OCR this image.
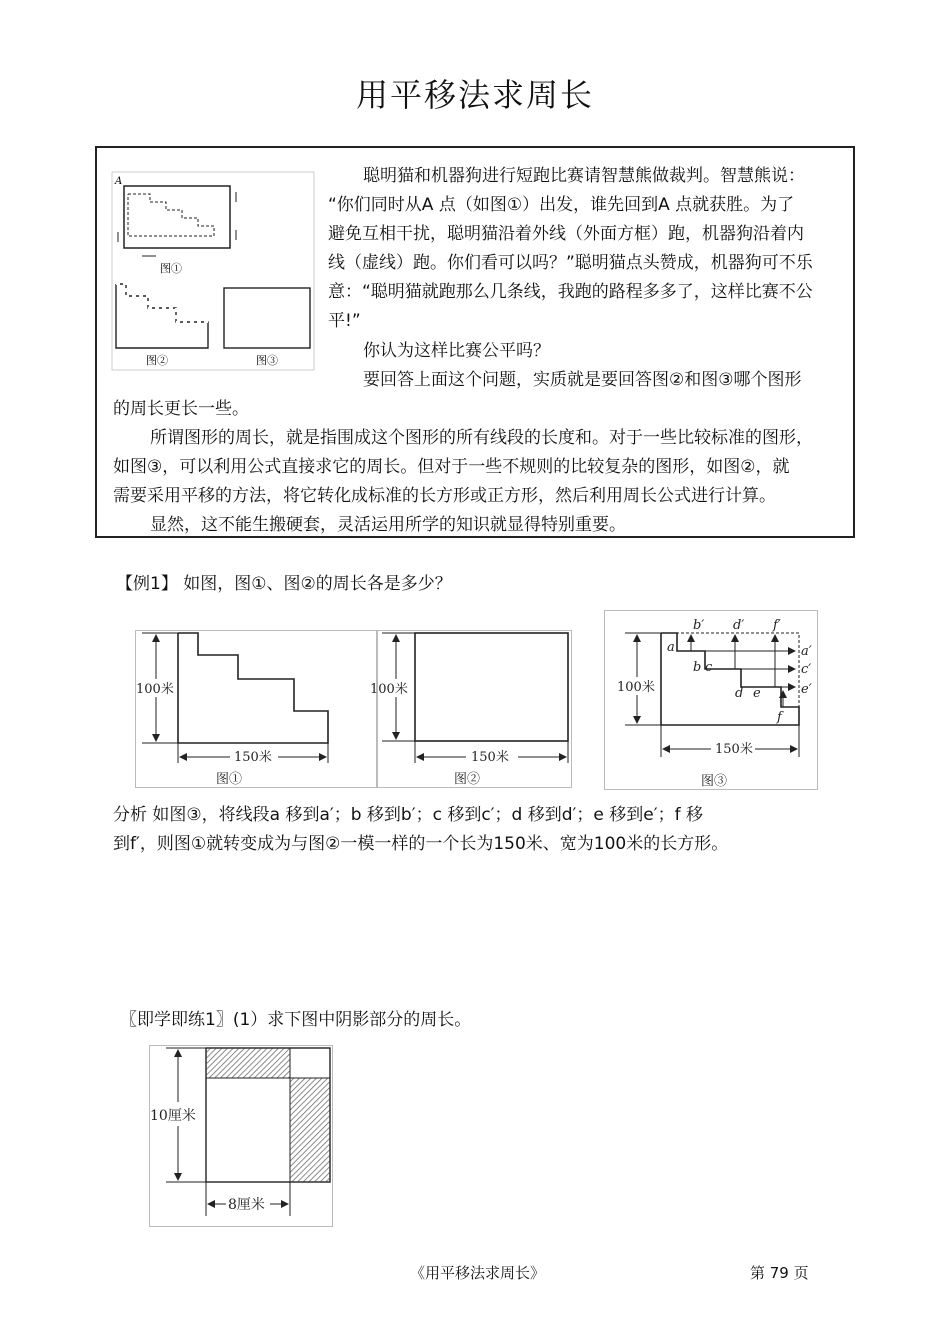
用平移法求周长
A
图①
图②	图③
聪明猫和机器狗进行短跑比赛请智慧熊做裁判。智慧熊说：
“你们同时从A 点（如图①）出发，谁先回到A 点就获胜。为了
避免互相干扰，聪明猫沿着外线（外面方框）跑，机器狗沿着内
线（虚线）跑。你们看可以吗？”聪明猫点头赞成，机器狗可不乐
意：“聪明猫就跑那么几条线，我跑的路程多多了，这样比赛不公
平!”
你认为这样比赛公平吗？
要回答上面这个问题，实质就是要回答图②和图③哪个图形
的周长更长一些。
所谓图形的周长，就是指围成这个图形的所有线段的长度和。对于一些比较标准的图形，
如图③，可以利用公式直接求它的周长。但对于一些不规则的比较复杂的图形，如图②，就
需要采用平移的方法，将它转化成标准的长方形或正方形，然后利用周长公式进行计算。
显然，这不能生搬硬套，灵活运用所学的知识就显得特别重要。
【例1】 如图，图①、图②的周长各是多少？
100米
150米
图①
100米
150米
图②
a
b c
d e
f
b′ d′ f′
a′
c′
e′
100米
150米
图③
分析 如图③，将线段a 移到a′；b 移到b′；c 移到c′；d 移到d′；e 移到e′；f 移
到f′，则图①就转变成为与图②一模一样的一个长为150米、宽为100米的长方形。
〖即学即练1〗(1）求下图中阴影部分的周长。
10厘米
8厘米
《用平移法求周长》	第 79 页
